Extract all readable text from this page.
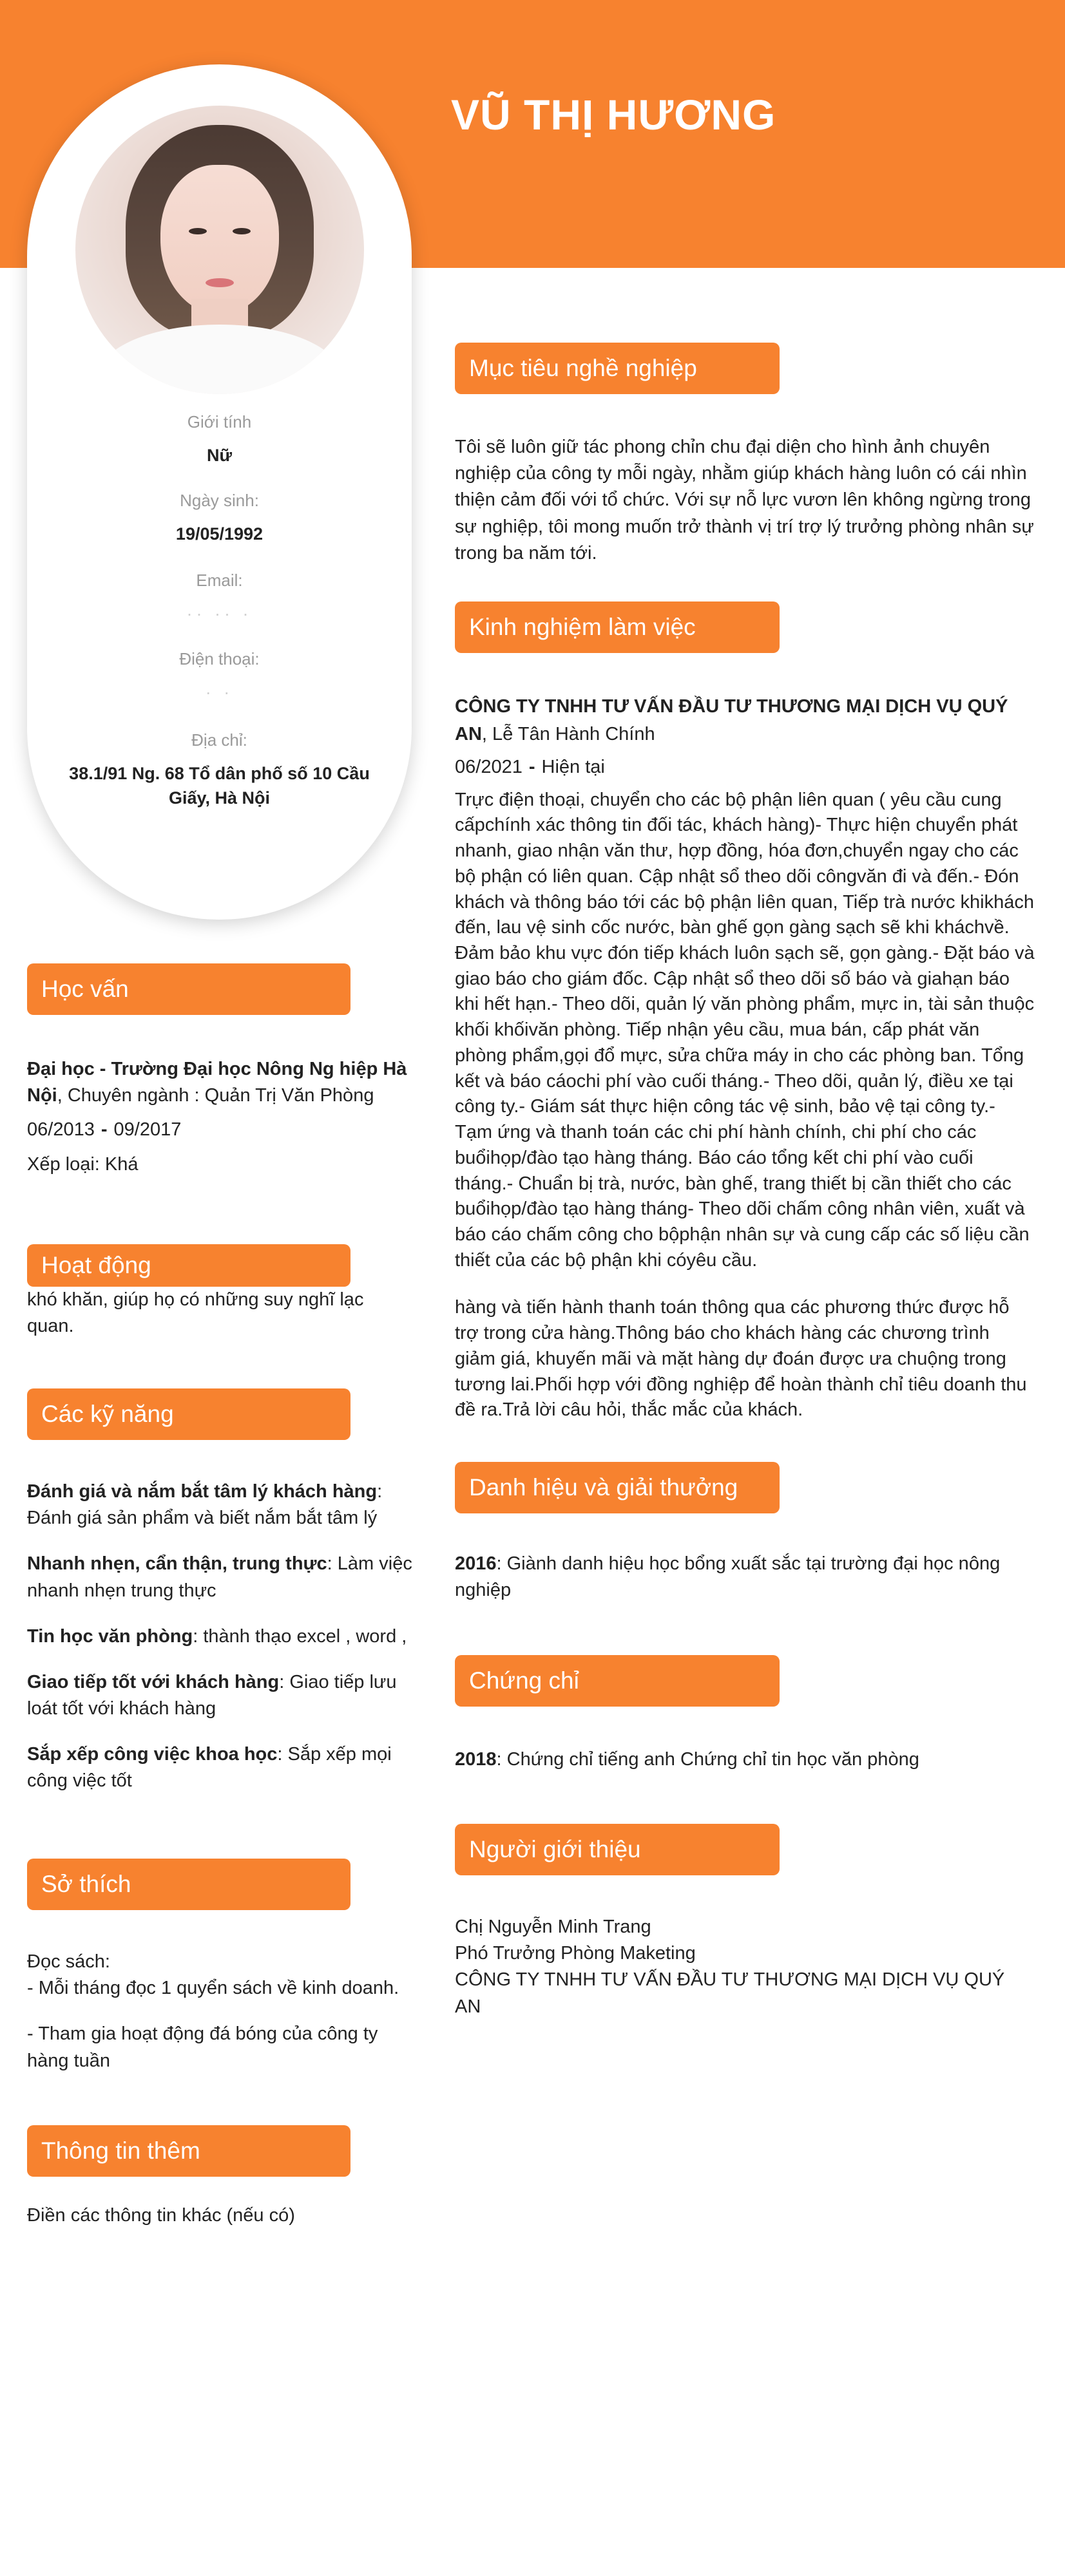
VŨ THỊ HƯƠNG
Giới tính
Nữ
Ngày sinh:
19/05/1992
Email:
·· ·· ·
Điện thoại:
· ·
Địa chỉ:
38.1/91 Ng. 68 Tổ dân phố số 10 Cầu Giấy, Hà Nội
Học vấn
Đại học - Trường Đại học Nông Ng hiệp Hà Nội, Chuyên ngành : Quản Trị Văn Phòng
06/2013 - 09/2017
Xếp loại: Khá
Hoạt động
khó khăn, giúp họ có những suy nghĩ lạc quan.
Các kỹ năng
Đánh giá và nắm bắt tâm lý khách hàng: Đánh giá sản phẩm và biết nắm bắt tâm lý
Nhanh nhẹn, cẩn thận, trung thực: Làm việc nhanh nhẹn trung thực
Tin học văn phòng: thành thạo excel , word ,
Giao tiếp tốt với khách hàng: Giao tiếp lưu loát tốt với khách hàng
Sắp xếp công việc khoa học: Sắp xếp mọi công việc tốt
Sở thích
Đọc sách:
- Mỗi tháng đọc 1 quyển sách về kinh doanh.
- Tham gia hoạt động đá bóng của công ty hàng tuần
Thông tin thêm
Điền các thông tin khác (nếu có)
Mục tiêu nghề nghiệp
Tôi sẽ luôn giữ tác phong chỉn chu đại diện cho hình ảnh chuyên nghiệp của công ty mỗi ngày, nhằm giúp khách hàng luôn có cái nhìn thiện cảm đối với tổ chức. Với sự nỗ lực vươn lên không ngừng trong sự nghiệp, tôi mong muốn trở thành vị trí trợ lý trưởng phòng nhân sự trong ba năm tới.
Kinh nghiệm làm việc
CÔNG TY TNHH TƯ VẤN ĐẦU TƯ THƯƠNG MẠI DỊCH VỤ QUÝ AN, Lễ Tân Hành Chính
06/2021 - Hiện tại
Trực điện thoại, chuyển cho các bộ phận liên quan ( yêu cầu cung cấpchính xác thông tin đối tác, khách hàng)- Thực hiện chuyển phát nhanh, giao nhận văn thư, hợp đồng, hóa đơn,chuyển ngay cho các bộ phận có liên quan. Cập nhật sổ theo dõi côngvăn đi và đến.- Đón khách và thông báo tới các bộ phận liên quan, Tiếp trà nước khikhách đến, lau vệ sinh cốc nước, bàn ghế gọn gàng sạch sẽ khi kháchvề. Đảm bảo khu vực đón tiếp khách luôn sạch sẽ, gọn gàng.- Đặt báo và giao báo cho giám đốc. Cập nhật sổ theo dõi số báo và giahạn báo khi hết hạn.- Theo dõi, quản lý văn phòng phẩm, mực in, tài sản thuộc khối khốivăn phòng. Tiếp nhận yêu cầu, mua bán, cấp phát văn phòng phẩm,gọi đổ mực, sửa chữa máy in cho các phòng ban. Tổng kết và báo cáochi phí vào cuối tháng.- Theo dõi, quản lý, điều xe tại công ty.- Giám sát thực hiện công tác vệ sinh, bảo vệ tại công ty.- Tạm ứng và thanh toán các chi phí hành chính, chi phí cho các buổihọp/đào tạo hàng tháng. Báo cáo tổng kết chi phí vào cuối tháng.- Chuẩn bị trà, nước, bàn ghế, trang thiết bị cần thiết cho các buổihọp/đào tạo hàng tháng- Theo dõi chấm công nhân viên, xuất và báo cáo chấm công cho bộphận nhân sự và cung cấp các số liệu cần thiết của các bộ phận khi cóyêu cầu.
hàng và tiến hành thanh toán thông qua các phương thức được hỗ trợ trong cửa hàng.Thông báo cho khách hàng các chương trình giảm giá, khuyến mãi và mặt hàng dự đoán được ưa chuộng trong tương lai.Phối hợp với đồng nghiệp để hoàn thành chỉ tiêu doanh thu đề ra.Trả lời câu hỏi, thắc mắc của khách.
Danh hiệu và giải thưởng
2016: Giành danh hiệu học bổng xuất sắc tại trường đại học nông nghiệp
Chứng chỉ
2018: Chứng chỉ tiếng anh Chứng chỉ tin học văn phòng
Người giới thiệu
Chị Nguyễn Minh Trang
Phó Trưởng Phòng Maketing
CÔNG TY TNHH TƯ VẤN ĐẦU TƯ THƯƠNG MẠI DỊCH VỤ QUÝ AN
